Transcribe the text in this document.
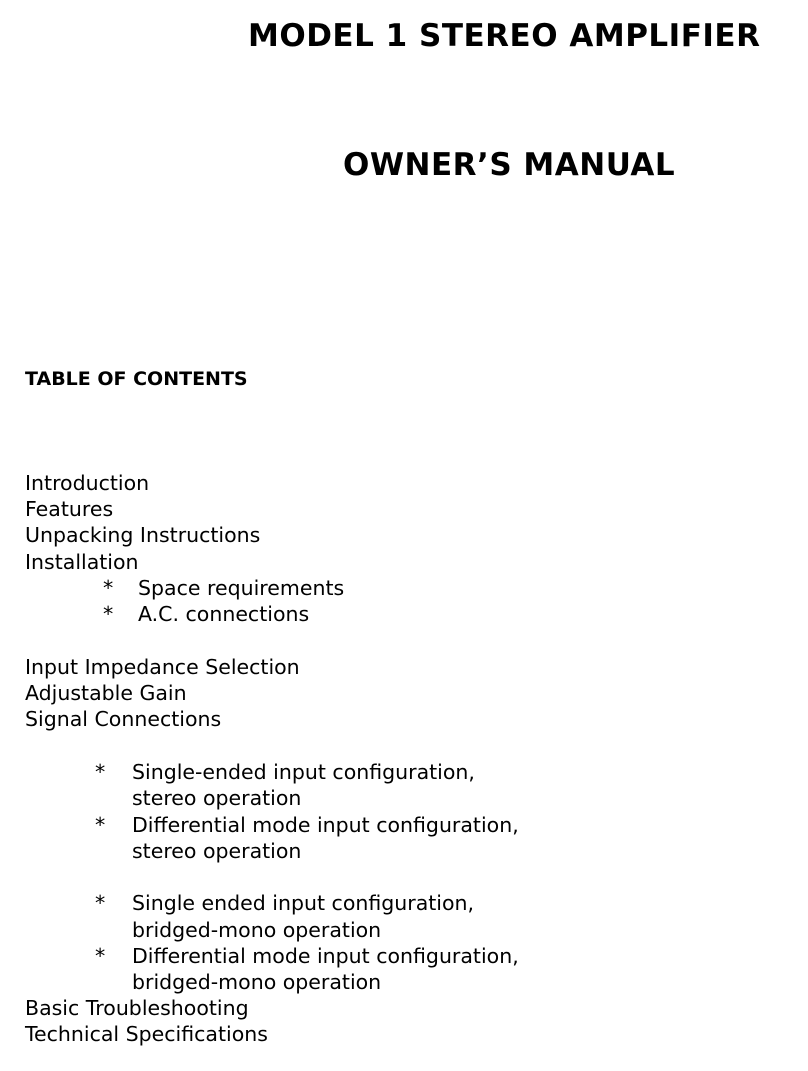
MODEL 1 STEREO AMPLIFIER
OWNER’S MANUAL
TABLE OF CONTENTS
Introduction
Features
Unpacking Instructions
Installation
* Space requirements
* A.C. connections
Input Impedance Selection
Adjustable Gain
Signal Connections
* Single-ended input configuration,
stereo operation
* Differential mode input configuration,
stereo operation
* Single ended input configuration,
bridged-mono operation
* Differential mode input configuration,
bridged-mono operation
Basic Troubleshooting
Technical Specifications
